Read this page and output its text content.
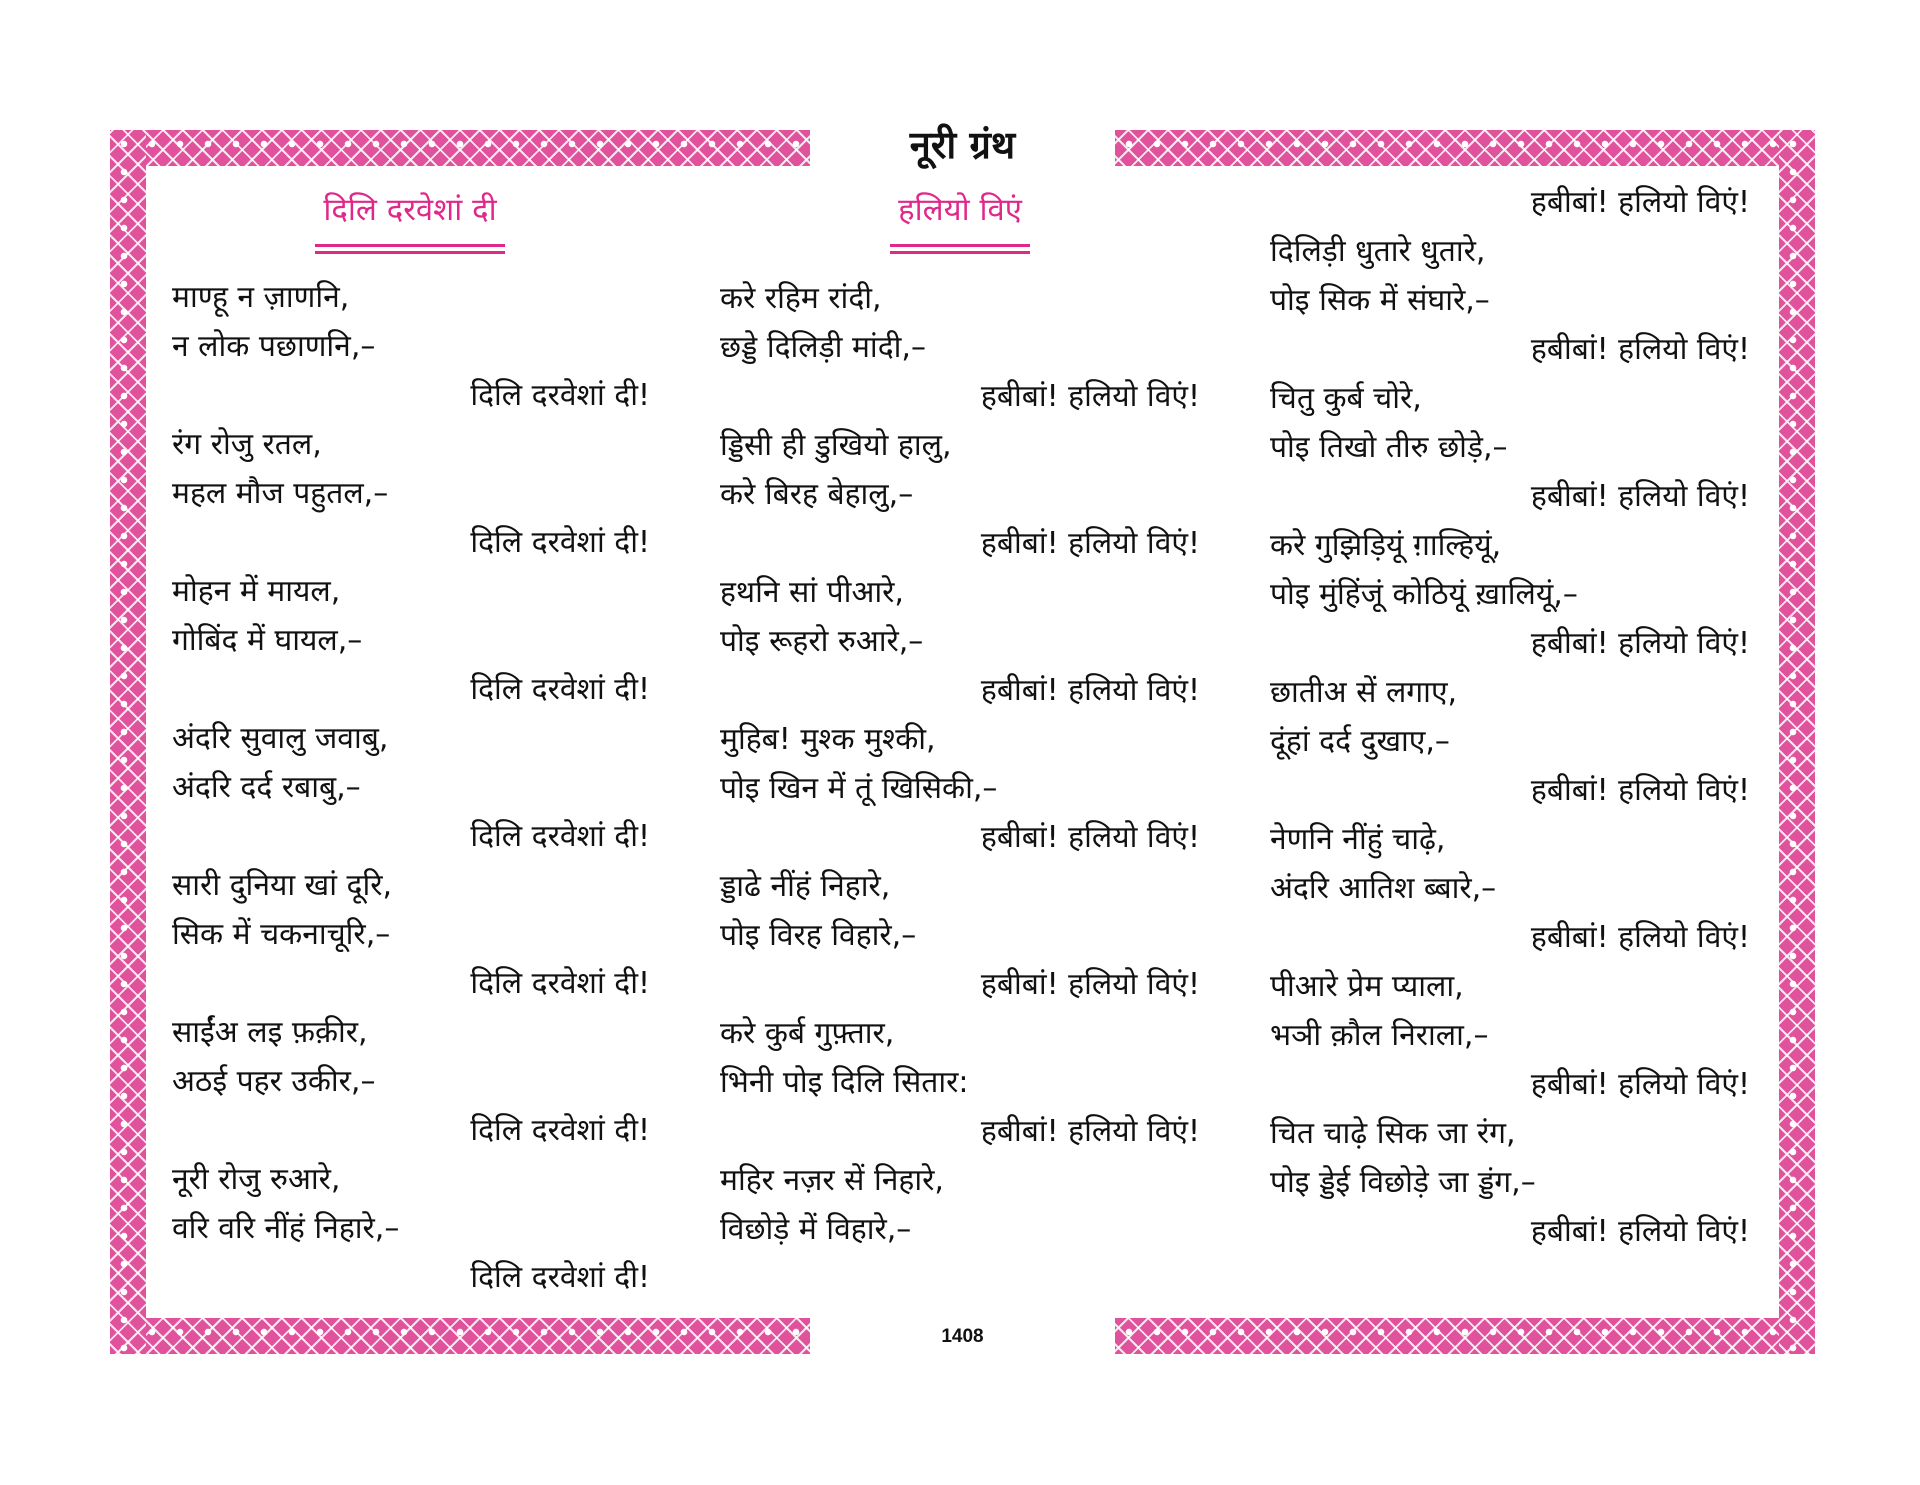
नूरी ग्रंथ
1408
दिलि दरवेशां दी	हलियो विएं
माण्हू न ज़ाणनि,
न लोक पछाणनि,–
दिलि दरवेशां दी!
रंग रोजु रतल,
महल मौज पहुतल,–
दिलि दरवेशां दी!
मोहन में मायल,
गोबिंद में घायल,–
दिलि दरवेशां दी!
अंदरि सुवालु जवाबु,
अंदरि दर्द रबाबु,–
दिलि दरवेशां दी!
सारी दुनिया खां दूरि,
सिक में चकनाचूरि,–
दिलि दरवेशां दी!
साईंअ लइ फ़क़ीर,
अठई पहर उकीर,–
दिलि दरवेशां दी!
नूरी रोजु रुआरे,
वरि वरि नींहं निहारे,–
दिलि दरवेशां दी!
करे रहिम रांदी,
छड्डे दिलिड़ी मांदी,–
हबीबां! हलियो विएं!
ड्डिसी ही डुखियो हालु,
करे बिरह बेहालु,–
हबीबां! हलियो विएं!
हथनि सां पीआरे,
पोइ रूहरो रुआरे,–
हबीबां! हलियो विएं!
मुहिब! मुश्क मुश्की,
पोइ खिन में तूं खिसिकी,–
हबीबां! हलियो विएं!
ड्डाढे नींहं निहारे,
पोइ विरह विहारे,–
हबीबां! हलियो विएं!
करे कुर्ब गुफ़्तार,
भिनी पोइ दिलि सितार:
हबीबां! हलियो विएं!
महिर नज़र सें निहारे,
विछोड़े में विहारे,–
हबीबां! हलियो विएं!
दिलिड़ी धुतारे धुतारे,
पोइ सिक में संघारे,–
हबीबां! हलियो विएं!
चितु कुर्ब चोरे,
पोइ तिखो तीरु छोड़े,–
हबीबां! हलियो विएं!
करे गुझिड़ियूं ग़ाल्हियूं,
पोइ मुंहिंजूं कोठियूं ख़ालियूं,–
हबीबां! हलियो विएं!
छातीअ सें लगाए,
दूंहां दर्द दुखाए,–
हबीबां! हलियो विएं!
नेणनि नींहुं चाढ़े,
अंदरि आतिश ब्बारे,–
हबीबां! हलियो विएं!
पीआरे प्रेम प्याला,
भञी क़ौल निराला,–
हबीबां! हलियो विएं!
चित चाढ़े सिक जा रंग,
पोइ ड्डेई विछोड़े जा ड्डंग,–
हबीबां! हलियो विएं!
